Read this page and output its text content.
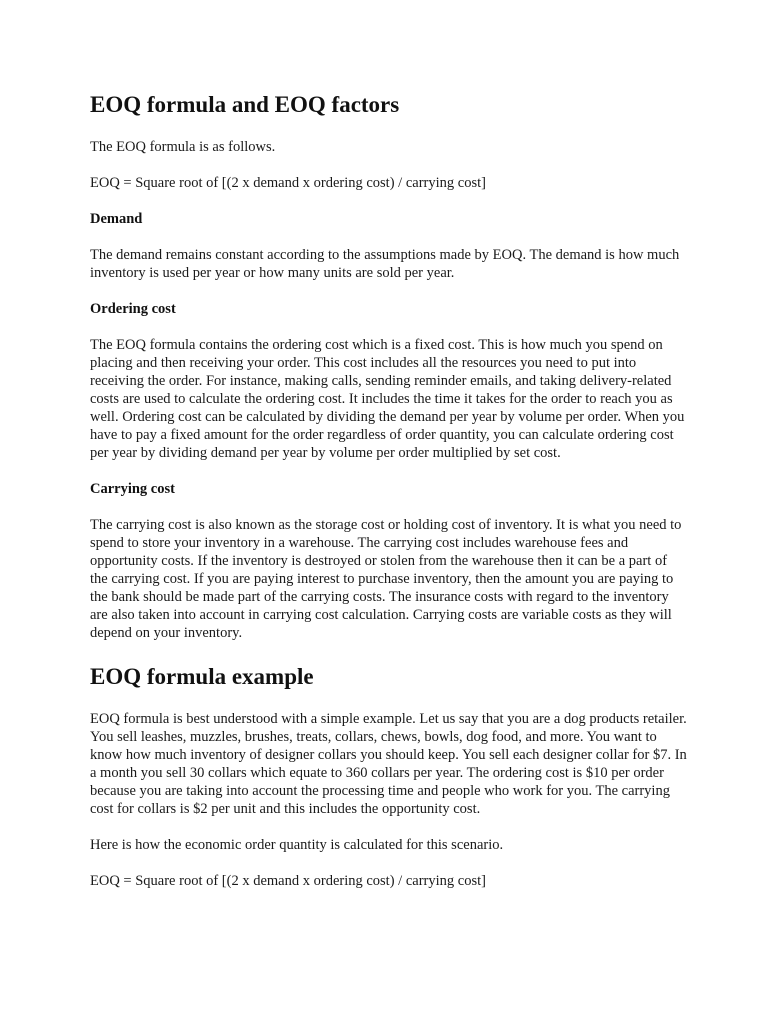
EOQ formula and EOQ factors

The EOQ formula is as follows.

EOQ = Square root of [(2 x demand x ordering cost) / carrying cost]

Demand

The demand remains constant according to the assumptions made by EOQ. The demand is how much inventory is used per year or how many units are sold per year.

Ordering cost

The EOQ formula contains the ordering cost which is a fixed cost. This is how much you spend on placing and then receiving your order. This cost includes all the resources you need to put into receiving the order. For instance, making calls, sending reminder emails, and taking delivery-related costs are used to calculate the ordering cost. It includes the time it takes for the order to reach you as well. Ordering cost can be calculated by dividing the demand per year by volume per order. When you have to pay a fixed amount for the order regardless of order quantity, you can calculate ordering cost per year by dividing demand per year by volume per order multiplied by set cost.

Carrying cost

The carrying cost is also known as the storage cost or holding cost of inventory. It is what you need to spend to store your inventory in a warehouse. The carrying cost includes warehouse fees and opportunity costs. If the inventory is destroyed or stolen from the warehouse then it can be a part of the carrying cost. If you are paying interest to purchase inventory, then the amount you are paying to the bank should be made part of the carrying costs. The insurance costs with regard to the inventory are also taken into account in carrying cost calculation. Carrying costs are variable costs as they will depend on your inventory.

EOQ formula example

EOQ formula is best understood with a simple example. Let us say that you are a dog products retailer. You sell leashes, muzzles, brushes, treats, collars, chews, bowls, dog food, and more. You want to know how much inventory of designer collars you should keep. You sell each designer collar for $7. In a month you sell 30 collars which equate to 360 collars per year. The ordering cost is $10 per order because you are taking into account the processing time and people who work for you. The carrying cost for collars is $2 per unit and this includes the opportunity cost.

Here is how the economic order quantity is calculated for this scenario.

EOQ = Square root of [(2 x demand x ordering cost) / carrying cost]
